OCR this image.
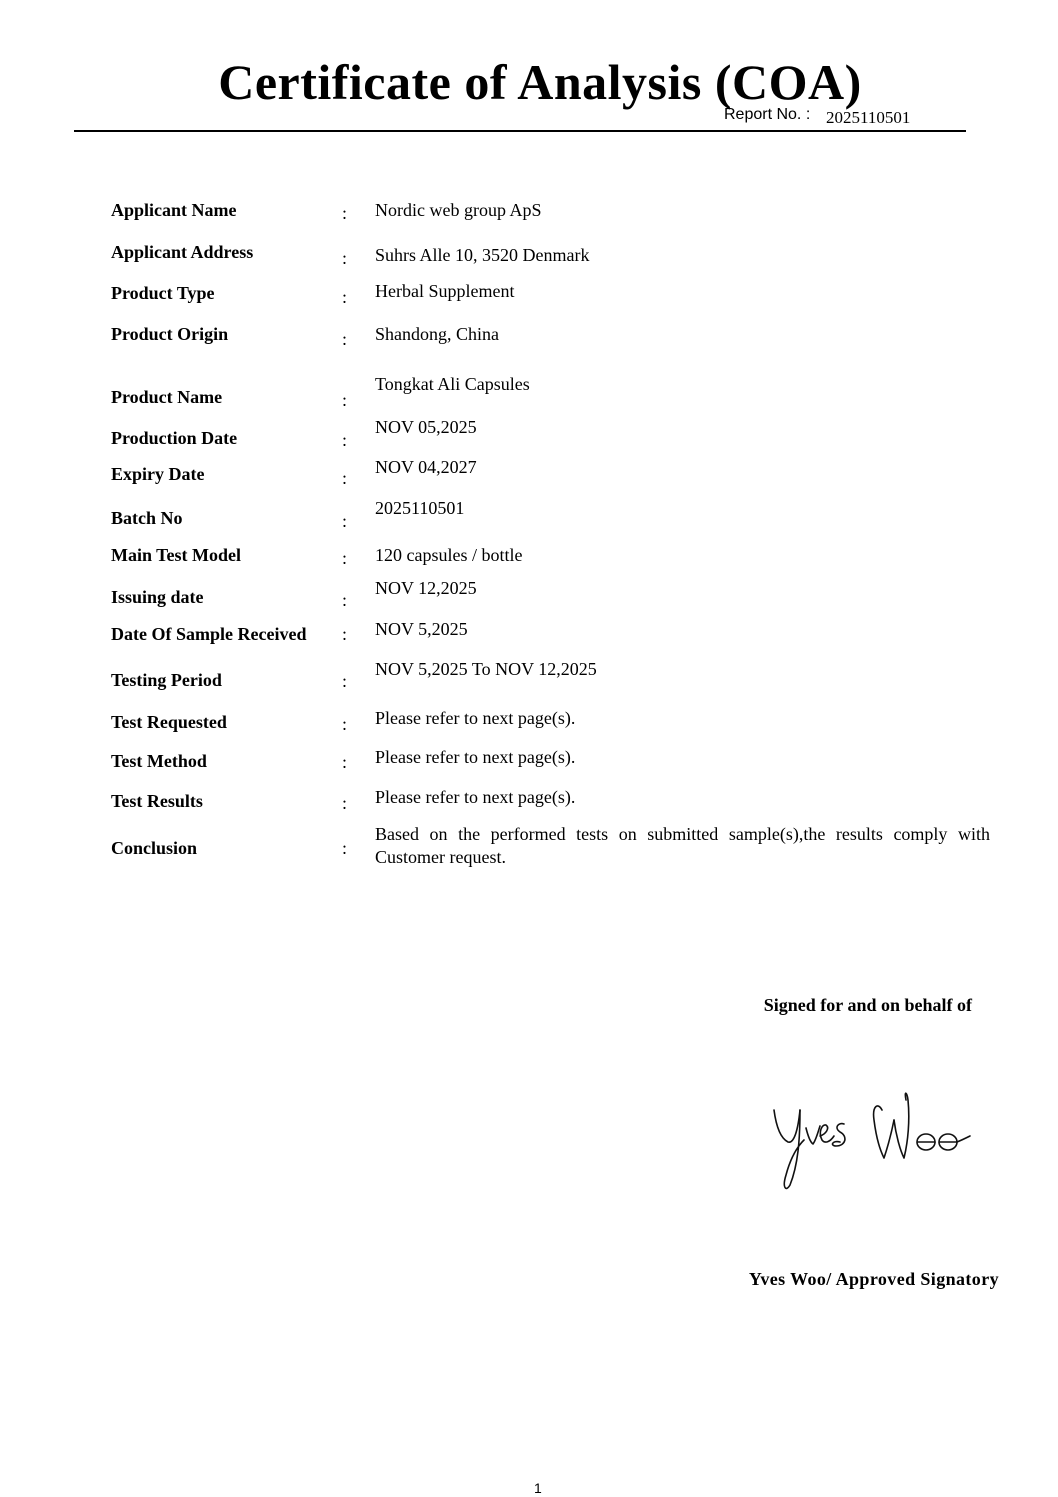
Certificate of Analysis (COA)
Report No. : 2025110501
Applicant Name	: Nordic web group ApS
Applicant Address	: Suhrs Alle 10, 3520 Denmark
Product Type	: Herbal Supplement
Product Origin	: Shandong, China
Product Name	:
Tongkat Ali Capsules
Production Date	:
NOV 05,2025
Expiry Date	:
NOV 04,2027
Batch No	:
2025110501
Main Test Model	: 120 capsules / bottle
Issuing date	:
NOV 12,2025
Date Of Sample Received : NOV 5,2025
Testing Period	:
NOV 5,2025 To NOV 12,2025
Test Requested	: Please refer to next page(s).
Test Method	: Please refer to next page(s).
Test Results	: Please refer to next page(s).
Conclusion	:
Based on the performed tests on submitted sample(s),the results comply with Customer request.
Signed for and on behalf of
Yves Woo/ Approved Signatory
1
